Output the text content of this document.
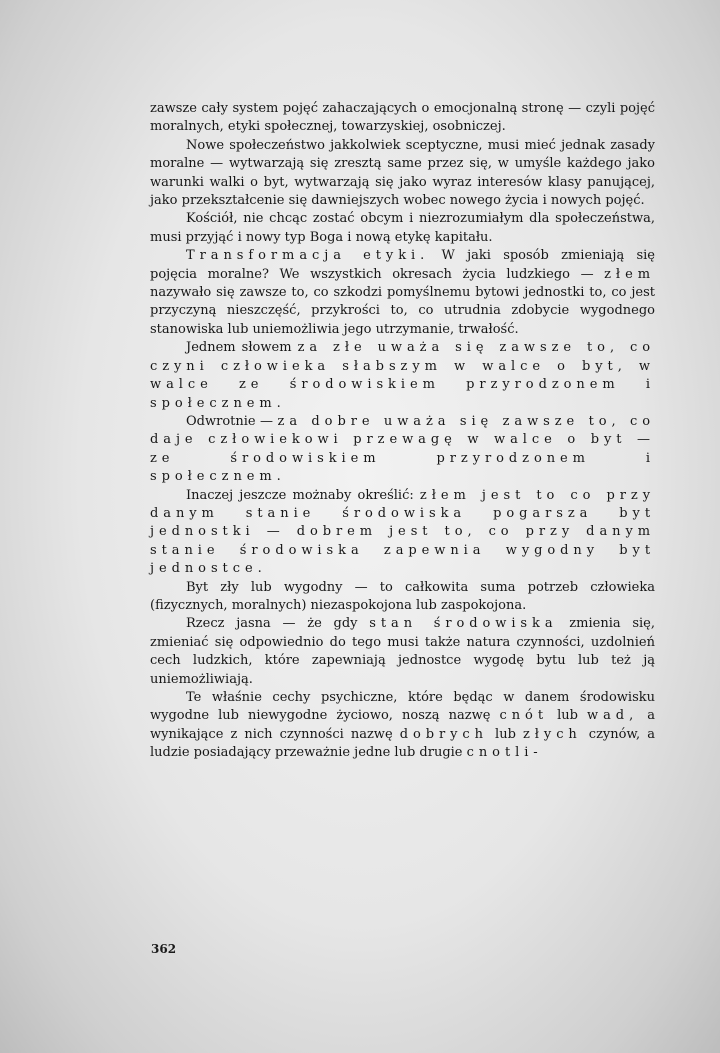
zawsze cały system pojęć zahaczających o emocjonalną stronę — czyli pojęć moralnych, etyki społecznej, towarzyskiej, osobniczej.

Nowe społeczeństwo jakkolwiek sceptyczne, musi mieć jednak zasady moralne — wytwarzają się zresztą same przez się, w umyśle każdego jako warunki walki o byt, wytwarzają się jako wyraz interesów klasy panującej, jako przekształcenie się dawniejszych wobec nowego życia i nowych pojęć.

Kościół, nie chcąc zostać obcym i niezrozumiałym dla społeczeństwa, musi przyjąć i nowy typ Boga i nową etykę kapitału.

Transformacja etyki. W jaki sposób zmieniają się pojęcia moralne? We wszystkich okresach życia ludzkiego — złem nazywało się zawsze to, co szkodzi pomyślnemu bytowi jednostki to, co jest przyczyną nieszczęść, przykrości to, co utrudnia zdobycie wygodnego stanowiska lub uniemożliwia jego utrzymanie, trwałość.

Jednem słowem za złe uważa się zawsze to, co czyni człowieka słabszym w walce o byt, w walce ze środowiskiem przyrodzonem i społecznem.

Odwrotnie — za dobre uważa się zawsze to, co daje człowiekowi przewagę w walce o byt — ze środowiskiem przyrodzonem i społecznem.

Inaczej jeszcze możnaby określić: złem jest to co przy danym stanie środowiska pogarsza byt jednostki — dobrem jest to, co przy danym stanie środowiska zapewnia wygodny byt jednostce.

Byt zły lub wygodny — to całkowita suma potrzeb człowieka (fizycznych, moralnych) niezaspokojona lub zaspokojona.

Rzecz jasna — że gdy stan środowiska zmienia się, zmieniać się odpowiednio do tego musi także natura czynności, uzdolnień cech ludzkich, które zapewniają jednostce wygodę bytu lub też ją uniemożliwiają.

Te właśnie cechy psychiczne, które będąc w danem środowisku wygodne lub niewygodne życiowo, noszą nazwę cnót lub wad, a wynikające z nich czynności nazwę dobrych lub złych czynów, a ludzie posiadający przeważnie jedne lub drugie cnotli-

362
